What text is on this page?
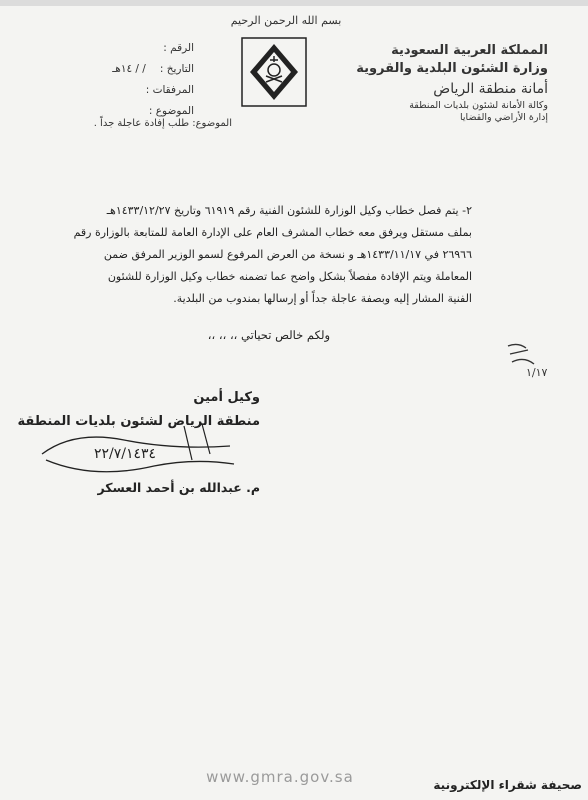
بسم الله الرحمن الرحيم
المملكة العربية السعودية
وزارة الشئون البلدية والقروية
أمانة منطقة الرياض
وكالة الأمانة لشئون بلديات المنطقة
إدارة الأراضي والقضايا
الرقم :
التاريخ :
/ / ١٤هـ
المرفقات :
الموضوع :
الموضوع: طلب إفادة عاجلة جداً .

٢- يتم فصل خطاب وكيل الوزارة للشئون الفنية رقم ٦١٩١٩ وتاريخ ١٤٣٣/١٢/٢٧هـ

بملف مستقل ويرفق معه خطاب المشرف العام على الإدارة العامة للمتابعة بالوزارة رقم

٢٦٩٦٦ في ١٤٣٣/١١/١٧هـ و نسخة من العرض المرفوع لسمو الوزير المرفق ضمن

المعاملة ويتم الإفادة مفصلاً بشكل واضح عما تضمنه خطاب وكيل الوزارة للشئون

الفنية المشار إليه وبصفة عاجلة جداً أو إرسالها بمندوب من البلدية.

ولكم خالص تحياتي ،، ،، ،،
١/١٧
وكيل أمين
منطقة الرياض لشئون بلديات المنطقة
٢٢/٧/١٤٣٤
م. عبدالله بن أحمد العسكر
www.gmra.gov.sa	صحيفة شقراء الإلكترونية
